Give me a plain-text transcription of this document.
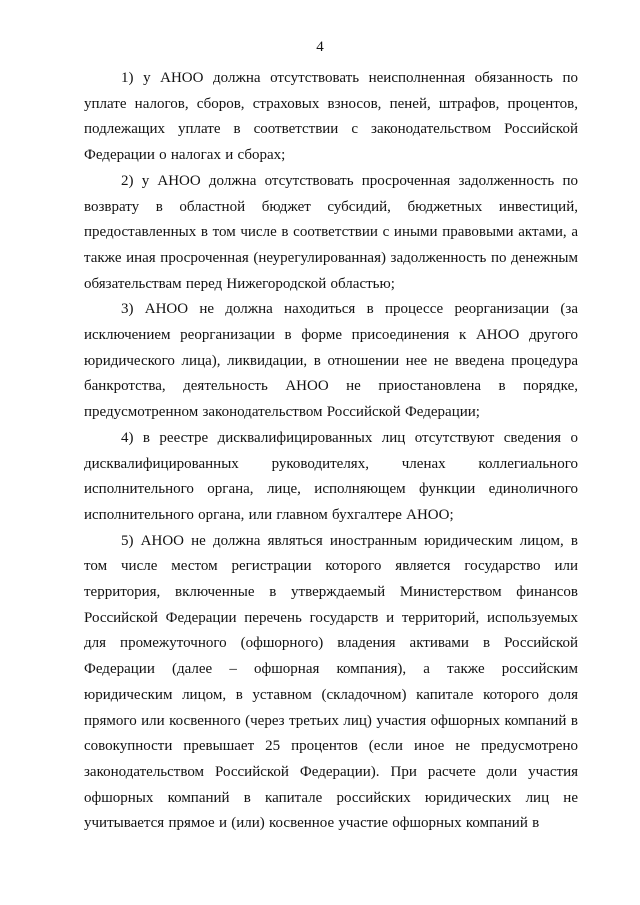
4

1) у АНОО должна отсутствовать неисполненная обязанность по уплате налогов, сборов, страховых взносов, пеней, штрафов, процентов, подлежащих уплате в соответствии с законодательством Российской Федерации о налогах и сборах;

2) у АНОО должна отсутствовать просроченная задолженность по возврату в областной бюджет субсидий, бюджетных инвестиций, предоставленных в том числе в соответствии с иными правовыми актами, а также иная просроченная (неурегулированная) задолженность по денежным обязательствам перед Нижегородской областью;

3) АНОО не должна находиться в процессе реорганизации (за исключением реорганизации в форме присоединения к АНОО другого юридического лица), ликвидации, в отношении нее не введена процедура банкротства, деятельность АНОО не приостановлена в порядке, предусмотренном законодательством Российской Федерации;

4) в реестре дисквалифицированных лиц отсутствуют сведения о дисквалифицированных руководителях, членах коллегиального исполнительного органа, лице, исполняющем функции единоличного исполнительного органа, или главном бухгалтере АНОО;

5) АНОО не должна являться иностранным юридическим лицом, в том числе местом регистрации которого является государство или территория, включенные в утверждаемый Министерством финансов Российской Федерации перечень государств и территорий, используемых для промежуточного (офшорного) владения активами в Российской Федерации (далее – офшорная компания), а также российским юридическим лицом, в уставном (складочном) капитале которого доля прямого или косвенного (через третьих лиц) участия офшорных компаний в совокупности превышает 25 процентов (если иное не предусмотрено законодательством Российской Федерации). При расчете доли участия офшорных компаний в капитале российских юридических лиц не учитывается прямое и (или) косвенное участие офшорных компаний в
